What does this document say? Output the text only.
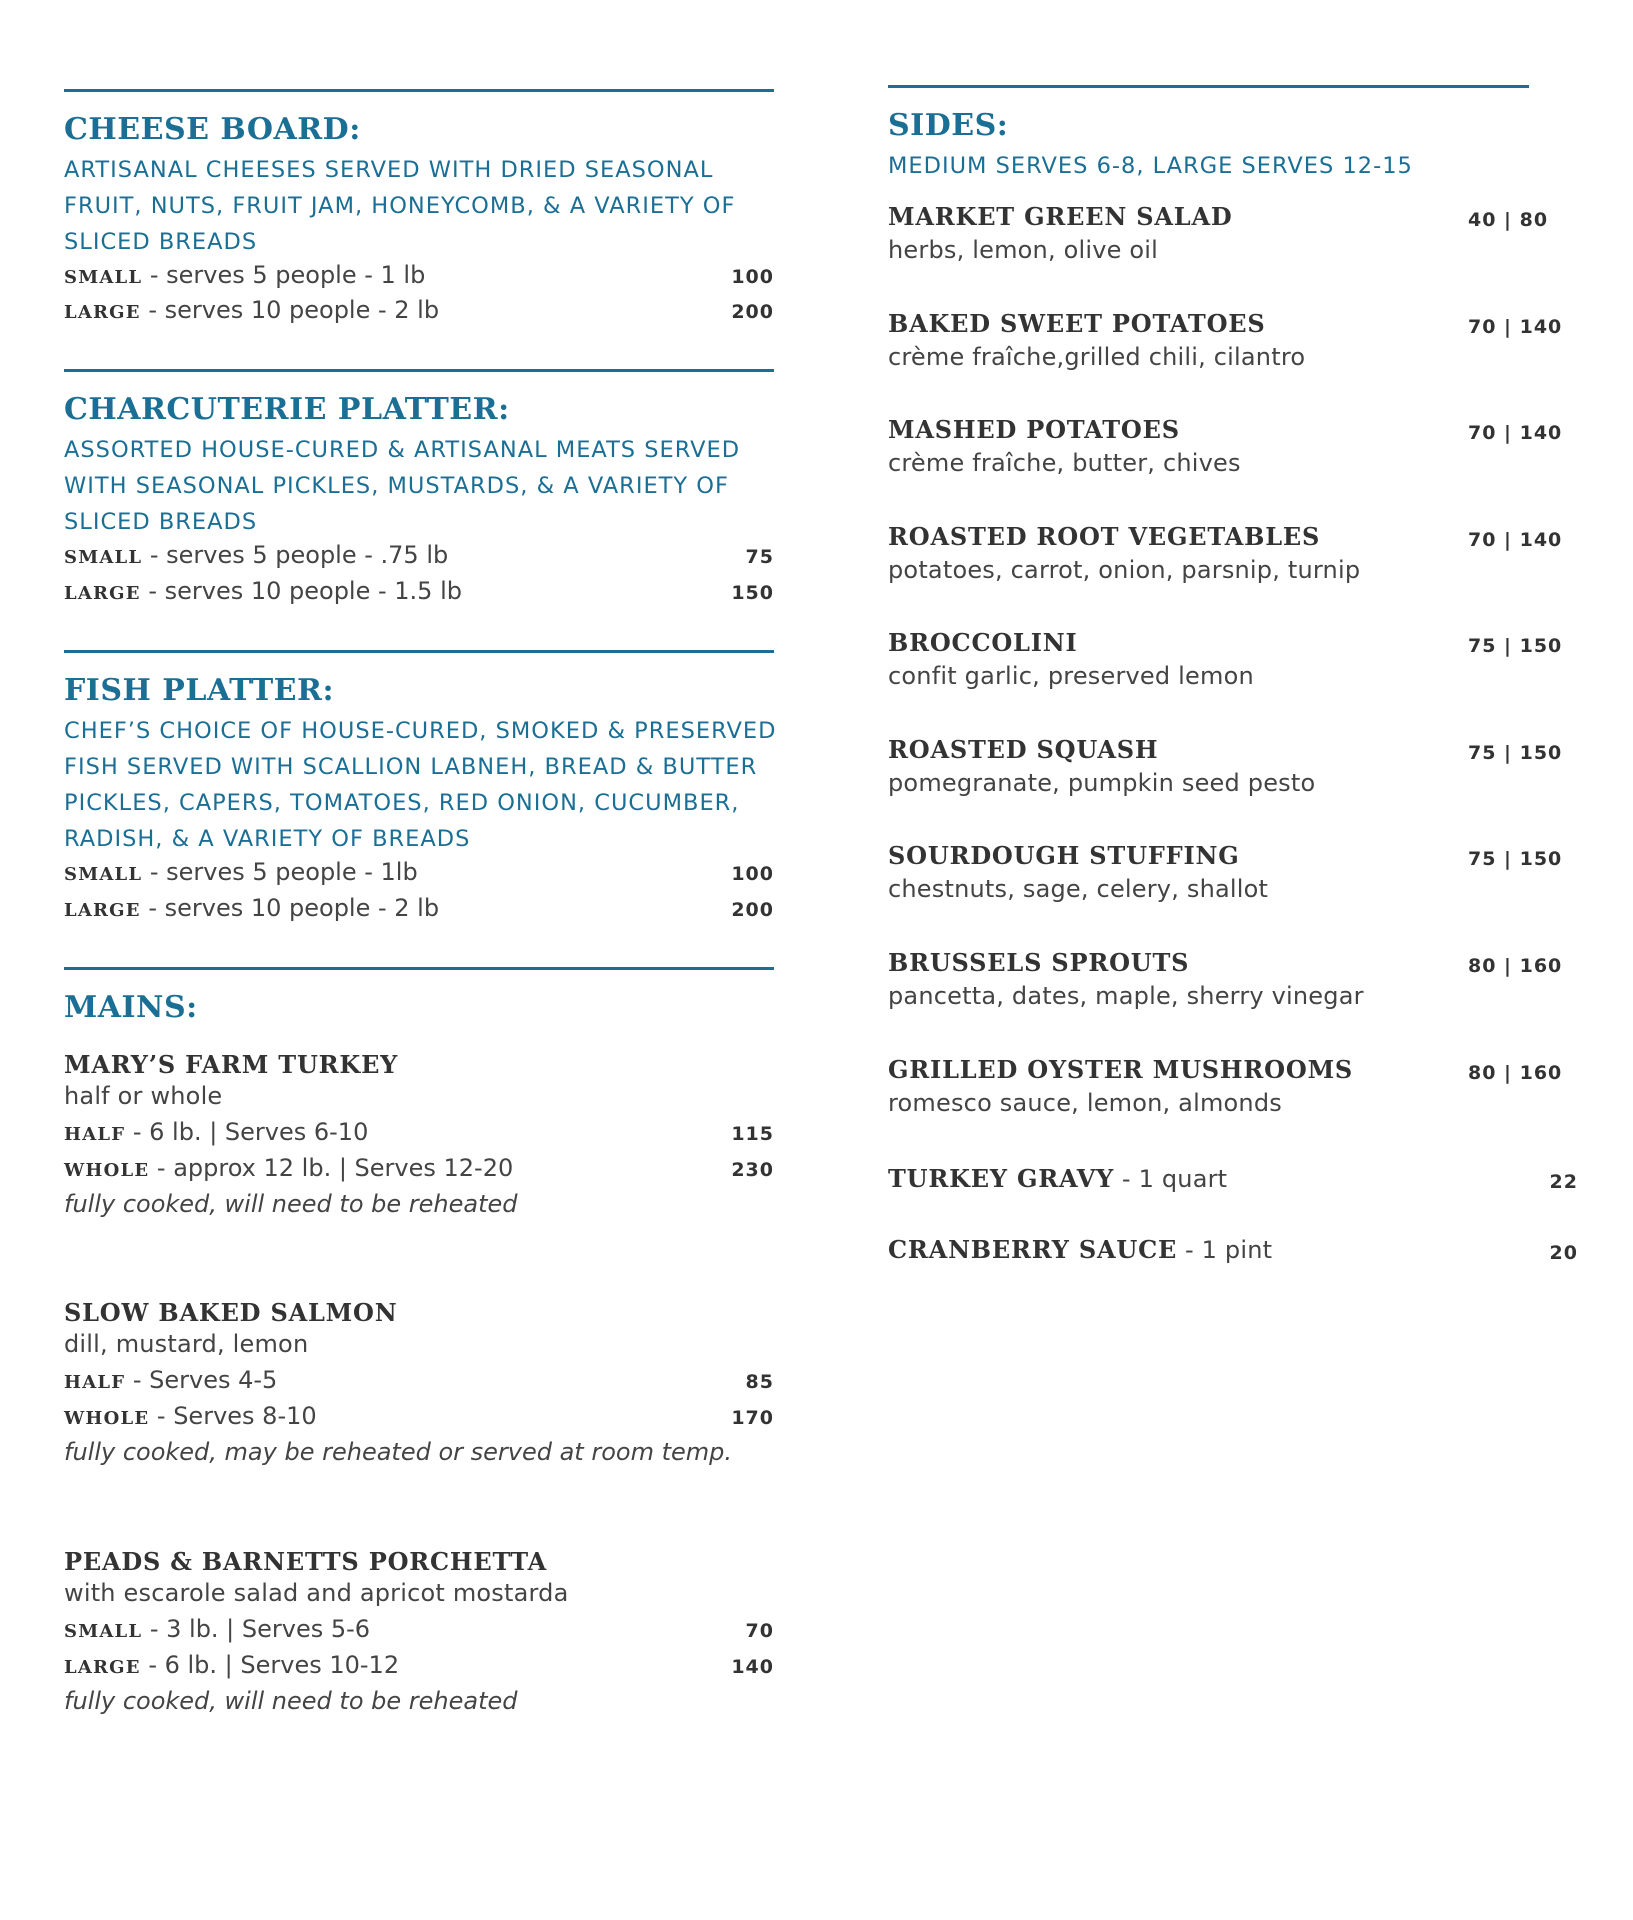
CHEESE BOARD:
ARTISANAL CHEESES SERVED WITH DRIED SEASONAL
FRUIT, NUTS, FRUIT JAM, HONEYCOMB, & A VARIETY OF
SLICED BREADS
SMALL - serves 5 people - 1 lb	100
LARGE - serves 10 people - 2 lb	200
CHARCUTERIE PLATTER:
ASSORTED HOUSE-CURED & ARTISANAL MEATS SERVED
WITH SEASONAL PICKLES, MUSTARDS, & A VARIETY OF
SLICED BREADS
SMALL - serves 5 people - .75 lb	75
LARGE - serves 10 people - 1.5 lb	150
FISH PLATTER:
CHEF’S CHOICE OF HOUSE-CURED, SMOKED & PRESERVED
FISH SERVED WITH SCALLION LABNEH, BREAD & BUTTER
PICKLES, CAPERS, TOMATOES, RED ONION, CUCUMBER,
RADISH, & A VARIETY OF BREADS
SMALL - serves 5 people - 1lb	100
LARGE - serves 10 people - 2 lb	200
MAINS:
MARY’S FARM TURKEY
half or whole
HALF - 6 lb. | Serves 6-10	115
WHOLE - approx 12 lb. | Serves 12-20	230
fully cooked, will need to be reheated
SLOW BAKED SALMON
dill, mustard, lemon
HALF - Serves 4-5	85
WHOLE - Serves 8-10	170
fully cooked, may be reheated or served at room temp.
PEADS & BARNETTS PORCHETTA
with escarole salad and apricot mostarda
SMALL - 3 lb. | Serves 5-6	70
LARGE - 6 lb. | Serves 10-12	140
fully cooked, will need to be reheated
SIDES:
MEDIUM SERVES 6-8, LARGE SERVES 12-15
MARKET GREEN SALAD	40 | 80
herbs, lemon, olive oil
BAKED SWEET POTATOES	70 | 140
crème fraîche,grilled chili, cilantro
MASHED POTATOES	70 | 140
crème fraîche, butter, chives
ROASTED ROOT VEGETABLES	70 | 140
potatoes, carrot, onion, parsnip, turnip
BROCCOLINI	75 | 150
confit garlic, preserved lemon
ROASTED SQUASH	75 | 150
pomegranate, pumpkin seed pesto
SOURDOUGH STUFFING	75 | 150
chestnuts, sage, celery, shallot
BRUSSELS SPROUTS	80 | 160
pancetta, dates, maple, sherry vinegar
GRILLED OYSTER MUSHROOMS	80 | 160
romesco sauce, lemon, almonds
TURKEY GRAVY - 1 quart	22
CRANBERRY SAUCE - 1 pint	20
